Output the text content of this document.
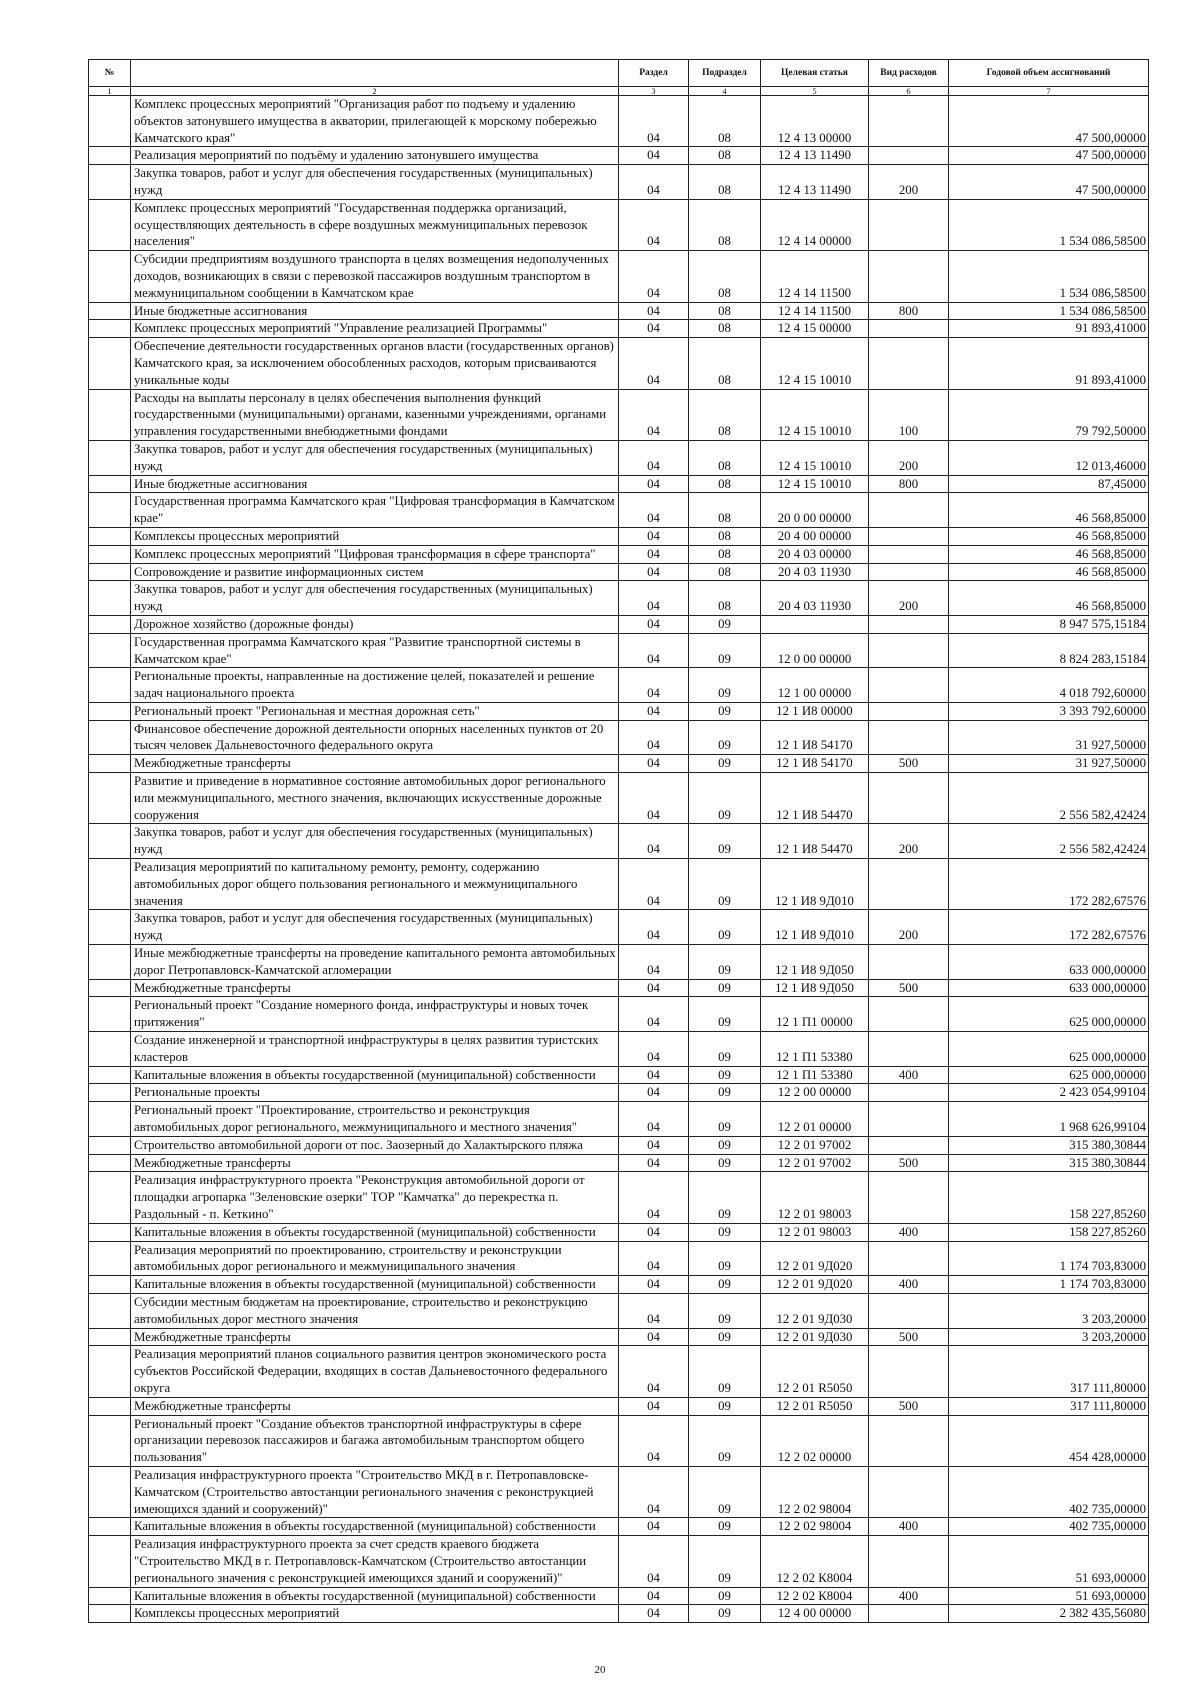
№		Раздел	Подраздел	Целевая статья	Вид расходов	Годовой объем ассигнований
1	2	3	4	5	6	7
	Комплекс процессных мероприятий "Организация работ по подъему и удалению объектов затонувшего имущества в акватории, прилегающей к морскому побережью Камчатского края"	04	08	12 4 13 00000		47 500,00000
	Реализация мероприятий по подъёму и удалению затонувшего имущества	04	08	12 4 13 11490		47 500,00000
	Закупка товаров, работ и услуг для обеспечения государственных (муниципальных) нужд	04	08	12 4 13 11490	200	47 500,00000
	Комплекс процессных мероприятий "Государственная поддержка организаций, осуществляющих деятельность в сфере воздушных межмуниципальных перевозок населения"	04	08	12 4 14 00000		1 534 086,58500
	Субсидии предприятиям воздушного транспорта в целях возмещения недополученных доходов, возникающих в связи с перевозкой пассажиров воздушным транспортом в межмуниципальном сообщении в Камчатском крае	04	08	12 4 14 11500		1 534 086,58500
	Иные бюджетные ассигнования	04	08	12 4 14 11500	800	1 534 086,58500
	Комплекс процессных мероприятий "Управление реализацией Программы"	04	08	12 4 15 00000		91 893,41000
	Обеспечение деятельности государственных органов власти (государственных органов) Камчатского края, за исключением обособленных расходов, которым присваиваются уникальные коды	04	08	12 4 15 10010		91 893,41000
	Расходы на выплаты персоналу в целях обеспечения выполнения функций государственными (муниципальными) органами, казенными учреждениями, органами управления государственными внебюджетными фондами	04	08	12 4 15 10010	100	79 792,50000
	Закупка товаров, работ и услуг для обеспечения государственных (муниципальных) нужд	04	08	12 4 15 10010	200	12 013,46000
	Иные бюджетные ассигнования	04	08	12 4 15 10010	800	87,45000
	Государственная программа Камчатского края "Цифровая трансформация в Камчатском крае"	04	08	20 0 00 00000		46 568,85000
	Комплексы процессных мероприятий	04	08	20 4 00 00000		46 568,85000
	Комплекс процессных мероприятий "Цифровая трансформация в сфере транспорта"	04	08	20 4 03 00000		46 568,85000
	Сопровождение и развитие информационных систем	04	08	20 4 03 11930		46 568,85000
	Закупка товаров, работ и услуг для обеспечения государственных (муниципальных) нужд	04	08	20 4 03 11930	200	46 568,85000
	Дорожное хозяйство (дорожные фонды)	04	09			8 947 575,15184
	Государственная программа Камчатского края "Развитие транспортной системы в Камчатском крае"	04	09	12 0 00 00000		8 824 283,15184
	Региональные проекты, направленные на достижение целей, показателей и решение задач национального проекта	04	09	12 1 00 00000		4 018 792,60000
	Региональный проект "Региональная и местная дорожная сеть"	04	09	12 1 И8 00000		3 393 792,60000
	Финансовое обеспечение дорожной деятельности опорных населенных пунктов от 20 тысяч человек Дальневосточного федерального округа	04	09	12 1 И8 54170		31 927,50000
	Межбюджетные трансферты	04	09	12 1 И8 54170	500	31 927,50000
	Развитие и приведение в нормативное состояние автомобильных дорог регионального или межмуниципального, местного значения, включающих искусственные дорожные сооружения	04	09	12 1 И8 54470		2 556 582,42424
	Закупка товаров, работ и услуг для обеспечения государственных (муниципальных) нужд	04	09	12 1 И8 54470	200	2 556 582,42424
	Реализация мероприятий по капитальному ремонту, ремонту, содержанию автомобильных дорог общего пользования регионального и межмуниципального значения	04	09	12 1 И8 9Д010		172 282,67576
	Закупка товаров, работ и услуг для обеспечения государственных (муниципальных) нужд	04	09	12 1 И8 9Д010	200	172 282,67576
	Иные межбюджетные трансферты на проведение капитального ремонта автомобильных дорог Петропавловск-Камчатской агломерации	04	09	12 1 И8 9Д050		633 000,00000
	Межбюджетные трансферты	04	09	12 1 И8 9Д050	500	633 000,00000
	Региональный проект "Создание номерного фонда, инфраструктуры и новых точек притяжения"	04	09	12 1 П1 00000		625 000,00000
	Создание инженерной и транспортной инфраструктуры в целях развития туристских кластеров	04	09	12 1 П1 53380		625 000,00000
	Капитальные вложения в объекты государственной (муниципальной) собственности	04	09	12 1 П1 53380	400	625 000,00000
	Региональные проекты	04	09	12 2 00 00000		2 423 054,99104
	Региональный проект "Проектирование, строительство и реконструкция автомобильных дорог регионального, межмуниципального и местного значения"	04	09	12 2 01 00000		1 968 626,99104
	Строительство автомобильной дороги от пос. Заозерный до Халактырского пляжа	04	09	12 2 01 97002		315 380,30844
	Межбюджетные трансферты	04	09	12 2 01 97002	500	315 380,30844
	Реализация инфраструктурного проекта "Реконструкция автомобильной дороги от площадки агропарка "Зеленовские озерки" ТОР "Камчатка" до перекрестка п. Раздольный - п. Кеткино"	04	09	12 2 01 98003		158 227,85260
	Капитальные вложения в объекты государственной (муниципальной) собственности	04	09	12 2 01 98003	400	158 227,85260
	Реализация мероприятий по проектированию, строительству и реконструкции автомобильных дорог регионального и межмуниципального значения	04	09	12 2 01 9Д020		1 174 703,83000
	Капитальные вложения в объекты государственной (муниципальной) собственности	04	09	12 2 01 9Д020	400	1 174 703,83000
	Субсидии местным бюджетам на проектирование, строительство и реконструкцию автомобильных дорог местного значения	04	09	12 2 01 9Д030		3 203,20000
	Межбюджетные трансферты	04	09	12 2 01 9Д030	500	3 203,20000
	Реализация мероприятий планов социального развития центров экономического роста субъектов Российской Федерации, входящих в состав Дальневосточного федерального округа	04	09	12 2 01 R5050		317 111,80000
	Межбюджетные трансферты	04	09	12 2 01 R5050	500	317 111,80000
	Региональный проект "Создание объектов транспортной инфраструктуры в сфере организации перевозок пассажиров и багажа автомобильным транспортом общего пользования"	04	09	12 2 02 00000		454 428,00000
	Реализация инфраструктурного проекта "Строительство МКД в г. Петропавловске-Камчатском (Строительство автостанции регионального значения с реконструкцией имеющихся зданий и сооружений)"	04	09	12 2 02 98004		402 735,00000
	Капитальные вложения в объекты государственной (муниципальной) собственности	04	09	12 2 02 98004	400	402 735,00000
	Реализация инфраструктурного проекта за счет средств краевого бюджета "Строительство МКД в г. Петропавловск-Камчатском (Строительство автостанции регионального значения с реконструкцией имеющихся зданий и сооружений)"	04	09	12 2 02 К8004		51 693,00000
	Капитальные вложения в объекты государственной (муниципальной) собственности	04	09	12 2 02 К8004	400	51 693,00000
	Комплексы процессных мероприятий	04	09	12 4 00 00000		2 382 435,56080
20
